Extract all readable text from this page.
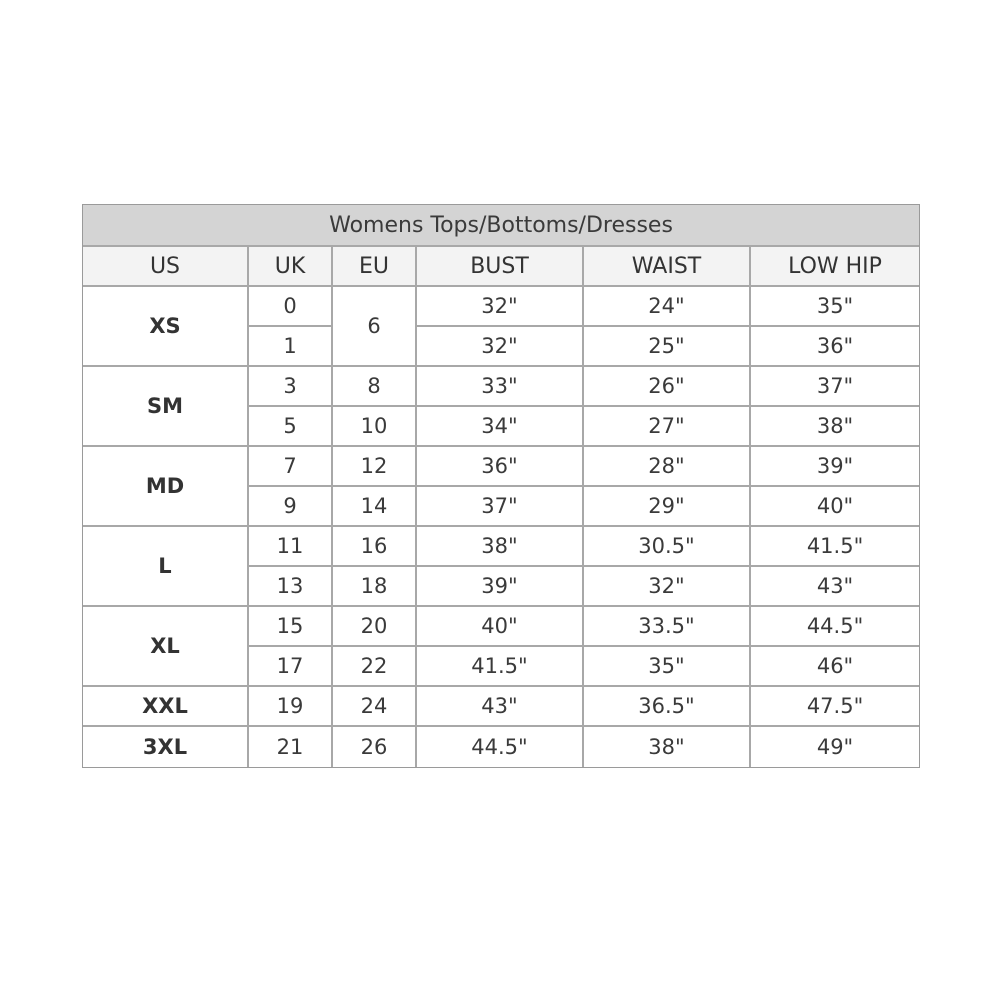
Womens Tops/Bottoms/Dresses					
US	UK	EU	BUST	WAIST	LOW HIP
XS	0	6	32"	24"	35"
	1		32"	25"	36"
SM	3	8	33"	26"	37"
	5	10	34"	27"	38"
MD	7	12	36"	28"	39"
	9	14	37"	29"	40"
L	11	16	38"	30.5"	41.5"
	13	18	39"	32"	43"
XL	15	20	40"	33.5"	44.5"
	17	22	41.5"	35"	46"
XXL	19	24	43"	36.5"	47.5"
3XL	21	26	44.5"	38"	49"
